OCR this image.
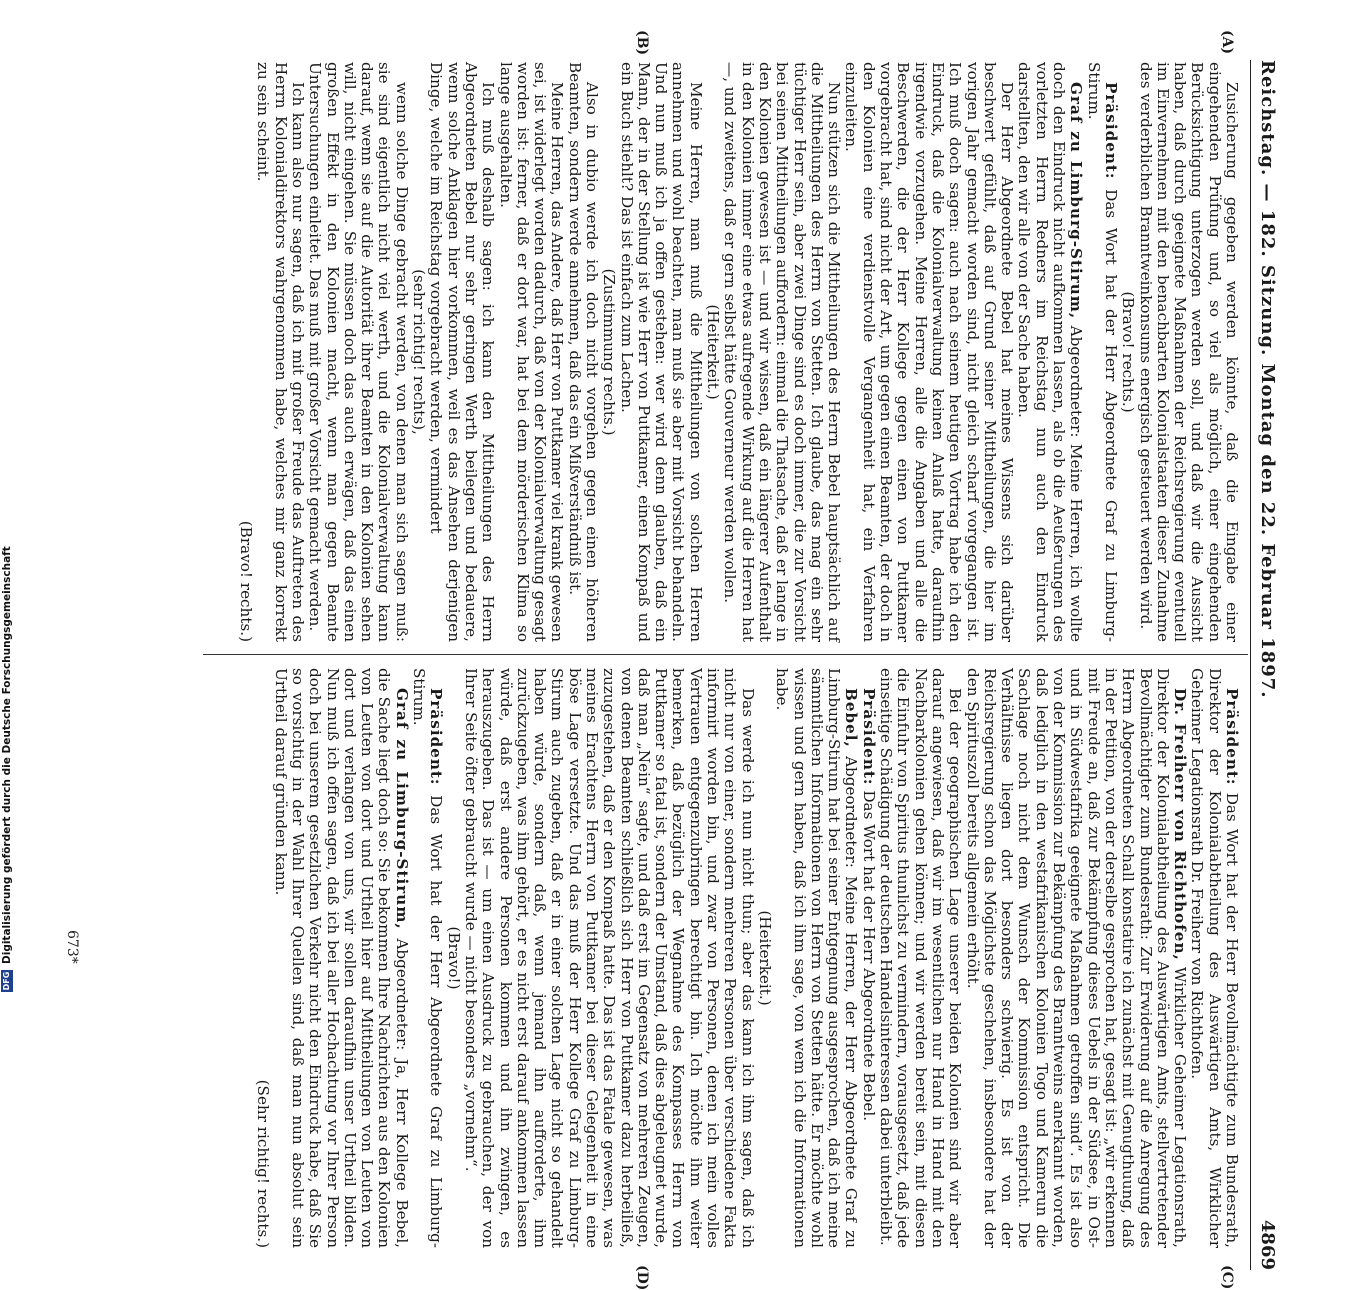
Reichstag. — 182. Sitzung. Montag den 22. Februar 1897.
4869
(A)
(B)
(C)
(D)

Zusicherung gegeben werden könnte, daß die Eingabe einer eingehenden Prüfung und, so viel als möglich, einer eingehenden Berücksichtigung unterzogen werden soll, und daß wir die Aussicht haben, daß durch geeignete Maßnahmen der Reichsregierung eventuell im Einvernehmen mit den benachbarten Kolonialstaaten dieser Zunahme des verderblichen Branntweinkonsums energisch gesteuert werden wird.

(Bravo! rechts.)

Präsident: Das Wort hat der Herr Abgeordnete Graf zu Limburg-Stirum.

Graf zu Limburg-Stirum, Abgeordneter: Meine Herren, ich wollte doch den Eindruck nicht aufkommen lassen, als ob die Aeußerungen des vorletzten Herrn Redners im Reichstag nun auch den Eindruck darstellten, den wir alle von der Sache haben.

Der Herr Abgeordnete Bebel hat meines Wissens sich darüber beschwert gefühlt, daß auf Grund seiner Mittheilungen, die hier im vorigen Jahr gemacht worden sind, nicht gleich scharf vorgegangen ist. Ich muß doch sagen: auch nach seinem heutigen Vortrag habe ich den Eindruck, daß die Kolonialverwaltung keinen Anlaß hatte, daraufhin irgendwie vorzugehen. Meine Herren, alle die Angaben und alle die Beschwerden, die der Herr Kollege gegen einen von Puttkamer vorgebracht hat, sind nicht der Art, um gegen einen Beamten, der doch in den Kolonien eine verdienstvolle Vergangenheit hat, ein Verfahren einzuleiten.

Nun stützen sich die Mittheilungen des Herrn Bebel hauptsächlich auf die Mittheilungen des Herrn von Stetten. Ich glaube, das mag ein sehr tüchtiger Herr sein, aber zwei Dinge sind es doch immer, die zur Vorsicht bei seinen Mittheilungen auffordern: einmal die Thatsache, daß er lange in den Kolonien gewesen ist — und wir wissen, daß ein längerer Aufenthalt in den Kolonien immer eine etwas aufregende Wirkung auf die Herren hat —, und zweitens, daß er gern selbst hätte Gouverneur werden wollen.

(Heiterkeit.)

Meine Herren, man muß die Mittheilungen von solchen Herren annehmen und wohl beachten, man muß sie aber mit Vorsicht behandeln. Und nun muß ich ja offen gestehen: wer wird denn glauben, daß ein Mann, der in der Stellung ist wie Herr von Puttkamer, einen Kompaß und ein Buch stiehlt? Das ist einfach zum Lachen.

(Zustimmung rechts.)

Also in dubio werde ich doch nicht vorgehen gegen einen höheren Beamten, sondern werde annehmen, daß das ein Mißverständniß ist.

Meine Herren, das Andere, daß Herr von Puttkamer viel krank gewesen sei, ist widerlegt worden dadurch, daß von der Kolonialverwaltung gesagt worden ist: ferner, daß er dort war, hat bei dem mörderischen Klima so lange ausgehalten.

Ich muß deshalb sagen: ich kann den Mittheilungen des Herrn Abgeordneten Bebel nur sehr geringen Werth beilegen und bedauere, wenn solche Anklagen hier vorkommen, weil es das Ansehen derjenigen Dinge, welche im Reichstag vorgebracht werden, vermindert

(sehr richtig! rechts),

wenn solche Dinge gebracht werden, von denen man sich sagen muß: sie sind eigentlich nicht viel werth, und die Kolonialverwaltung kann darauf, wenn sie auf die Autorität ihrer Beamten in den Kolonien sehen will, nicht eingehen. Sie müssen doch das auch erwägen, daß das einen großen Effekt in den Kolonien macht, wenn man gegen Beamte Untersuchungen einleitet. Das muß mit großer Vorsicht gemacht werden.

Ich kann also nur sagen, daß ich mit großer Freude das Auftreten des Herrn Kolonialdirektors wahrgenommen habe, welches mir ganz korrekt zu sein scheint.

(Bravo! rechts.)

Präsident: Das Wort hat der Herr Bevollmächtigte zum Bundesrath, Direktor der Kolonialabtheilung des Auswärtigen Amts, Wirklicher Geheimer Legationsrath Dr. Freiherr von Richthofen.

Dr. Freiherr von Richthofen, Wirklicher Geheimer Legationsrath, Direktor der Kolonialabtheilung des Auswärtigen Amts, stellvertretender Bevollmächtigter zum Bundesrath: Zur Erwiderung auf die Anregung des Herrn Abgeordneten Schall konstatire ich zunächst mit Genugthuung, daß in der Petition, von der derselbe gesprochen hat, gesagt ist: „wir erkennen mit Freude an, daß zur Bekämpfung dieses Uebels in der Südsee, in Ost- und in Südwestafrika geeignete Maßnahmen getroffen sind“. Es ist also von der Kommission zur Bekämpfung des Branntweins anerkannt worden, daß lediglich in den westafrikanischen Kolonien Togo und Kamerun die Sachlage noch nicht dem Wunsch der Kommission entspricht. Die Verhältnisse liegen dort besonders schwierig. Es ist von der Reichsregierung schon das Möglichste geschehen, insbesondere hat der den Spirituszoll bereits allgemein erhöht.

Bei der geographischen Lage unserer beiden Kolonien sind wir aber darauf angewiesen, daß wir im wesentlichen nur Hand in Hand mit den Nachbarkolonien gehen können; und wir werden bereit sein, mit diesen die Einfuhr von Spiritus thunlichst zu vermindern, vorausgesetzt, daß jede einseitige Schädigung der deutschen Handelsinteressen dabei unterbleibt.

Präsident: Das Wort hat der Herr Abgeordnete Bebel.

Bebel, Abgeordneter: Meine Herren, der Herr Abgeordnete Graf zu Limburg-Stirum hat bei seiner Entgegnung ausgesprochen, daß ich meine sämmtlichen Informationen von Herrn von Stetten hätte. Er möchte wohl wissen und gern haben, daß ich ihm sage, von wem ich die Informationen habe.

(Heiterkeit.)

Das werde ich nun nicht thun; aber das kann ich ihm sagen, daß ich nicht nur von einer, sondern mehreren Personen über verschiedene Fakta informirt worden bin, und zwar von Personen, denen ich mein volles Vertrauen entgegenzubringen berechtigt bin. Ich möchte ihm weiter bemerken, daß bezüglich der Wegnahme des Kompasses Herrn von Puttkamer so fatal ist, sondern der Umstand, daß dies abgeleugnet wurde, daß man „Nein“ sagte, und daß erst im Gegensatz von mehreren Zeugen, von denen Beamten schließlich sich Herr von Puttkamer dazu herbeiließ, zuzugestehen, daß er den Kompaß hatte. Das ist das Fatale gewesen, was meines Erachtens Herrn von Puttkamer bei dieser Gelegenheit in eine böse Lage versetzte. Und das muß der Herr Kollege Graf zu Limburg-Stirum auch zugeben, daß er in einer solchen Lage nicht so gehandelt haben würde, sondern daß, wenn jemand ihn aufforderte, ihm zurückzugeben, was ihm gehört, er es nicht erst darauf ankommen lassen würde, daß erst andere Personen kommen und ihn zwingen, es herauszugeben. Das ist — um einen Ausdruck zu gebrauchen, der von Ihrer Seite öfter gebraucht wurde — nicht besonders „vornehm“.

(Bravo!)

Präsident: Das Wort hat der Herr Abgeordnete Graf zu Limburg-Stirum.

Graf zu Limburg-Stirum, Abgeordneter: Ja, Herr Kollege Bebel, die Sache liegt doch so: Sie bekommen Ihre Nachrichten aus den Kolonien von Leuten von dort und Urtheil hier auf Mittheilungen von Leuten von dort und verlangen von uns, wir sollen daraufhin unser Urtheil bilden. Nun muß ich offen sagen, daß ich bei aller Hochachtung vor Ihrer Person doch bei unserem gesetzlichen Verkehr nicht den Eindruck habe, daß Sie so vorsichtig in der Wahl Ihrer Quellen sind, daß man nun absolut sein Urtheil darauf gründen kann.

(Sehr richtig! rechts.)

673*
DFG
Digitalisierung gefördert durch die Deutsche Forschungsgemeinschaft
